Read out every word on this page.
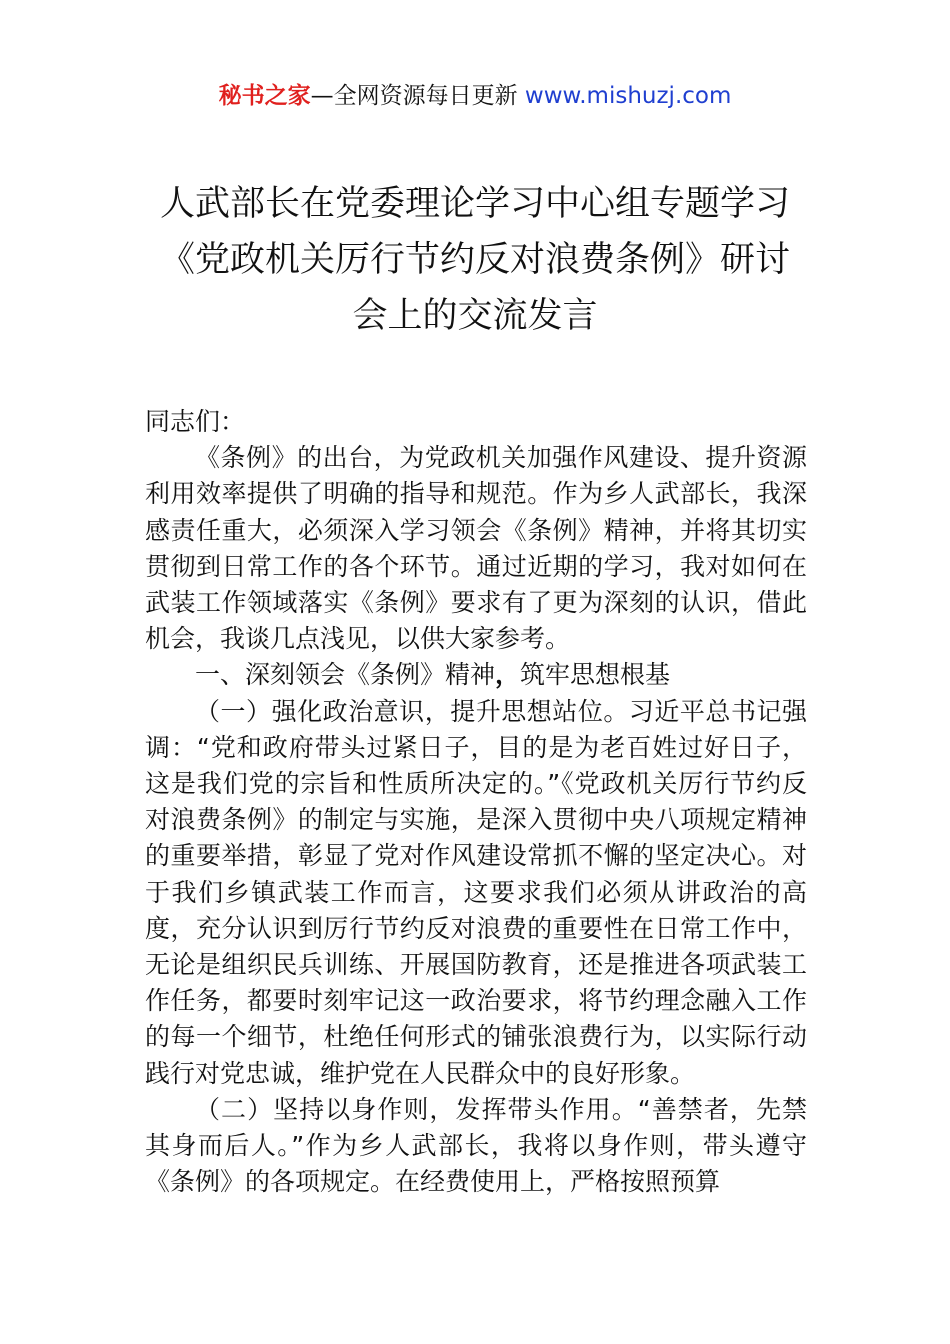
秘书之家—全网资源每日更新 www.mishuzj.com
人武部长在党委理论学习中心组专题学习
《党政机关厉行节约反对浪费条例》研讨
会上的交流发言

同志们：

《条例》的出台，为党政机关加强作风建设、提升资源利用效率提供了明确的指导和规范。作为乡人武部长，我深感责任重大，必须深入学习领会《条例》精神，并将其切实贯彻到日常工作的各个环节。通过近期的学习，我对如何在武装工作领域落实《条例》要求有了更为深刻的认识，借此机会，我谈几点浅见，以供大家参考。

一、深刻领会《条例》精神，筑牢思想根基

（一）强化政治意识，提升思想站位。习近平总书记强调：“党和政府带头过紧日子，目的是为老百姓过好日子，这是我们党的宗旨和性质所决定的。”《党政机关厉行节约反对浪费条例》的制定与实施，是深入贯彻中央八项规定精神的重要举措，彰显了党对作风建设常抓不懈的坚定决心。对于我们乡镇武装工作而言，这要求我们必须从讲政治的高度，充分认识到厉行节约反对浪费的重要性在日常工作中，无论是组织民兵训练、开展国防教育，还是推进各项武装工作任务，都要时刻牢记这一政治要求，将节约理念融入工作的每一个细节，杜绝任何形式的铺张浪费行为，以实际行动践行对党忠诚，维护党在人民群众中的良好形象。

（二）坚持以身作则，发挥带头作用。“善禁者，先禁其身而后人。”作为乡人武部长，我将以身作则，带头遵守《条例》的各项规定。在经费使用上，严格按照预算
